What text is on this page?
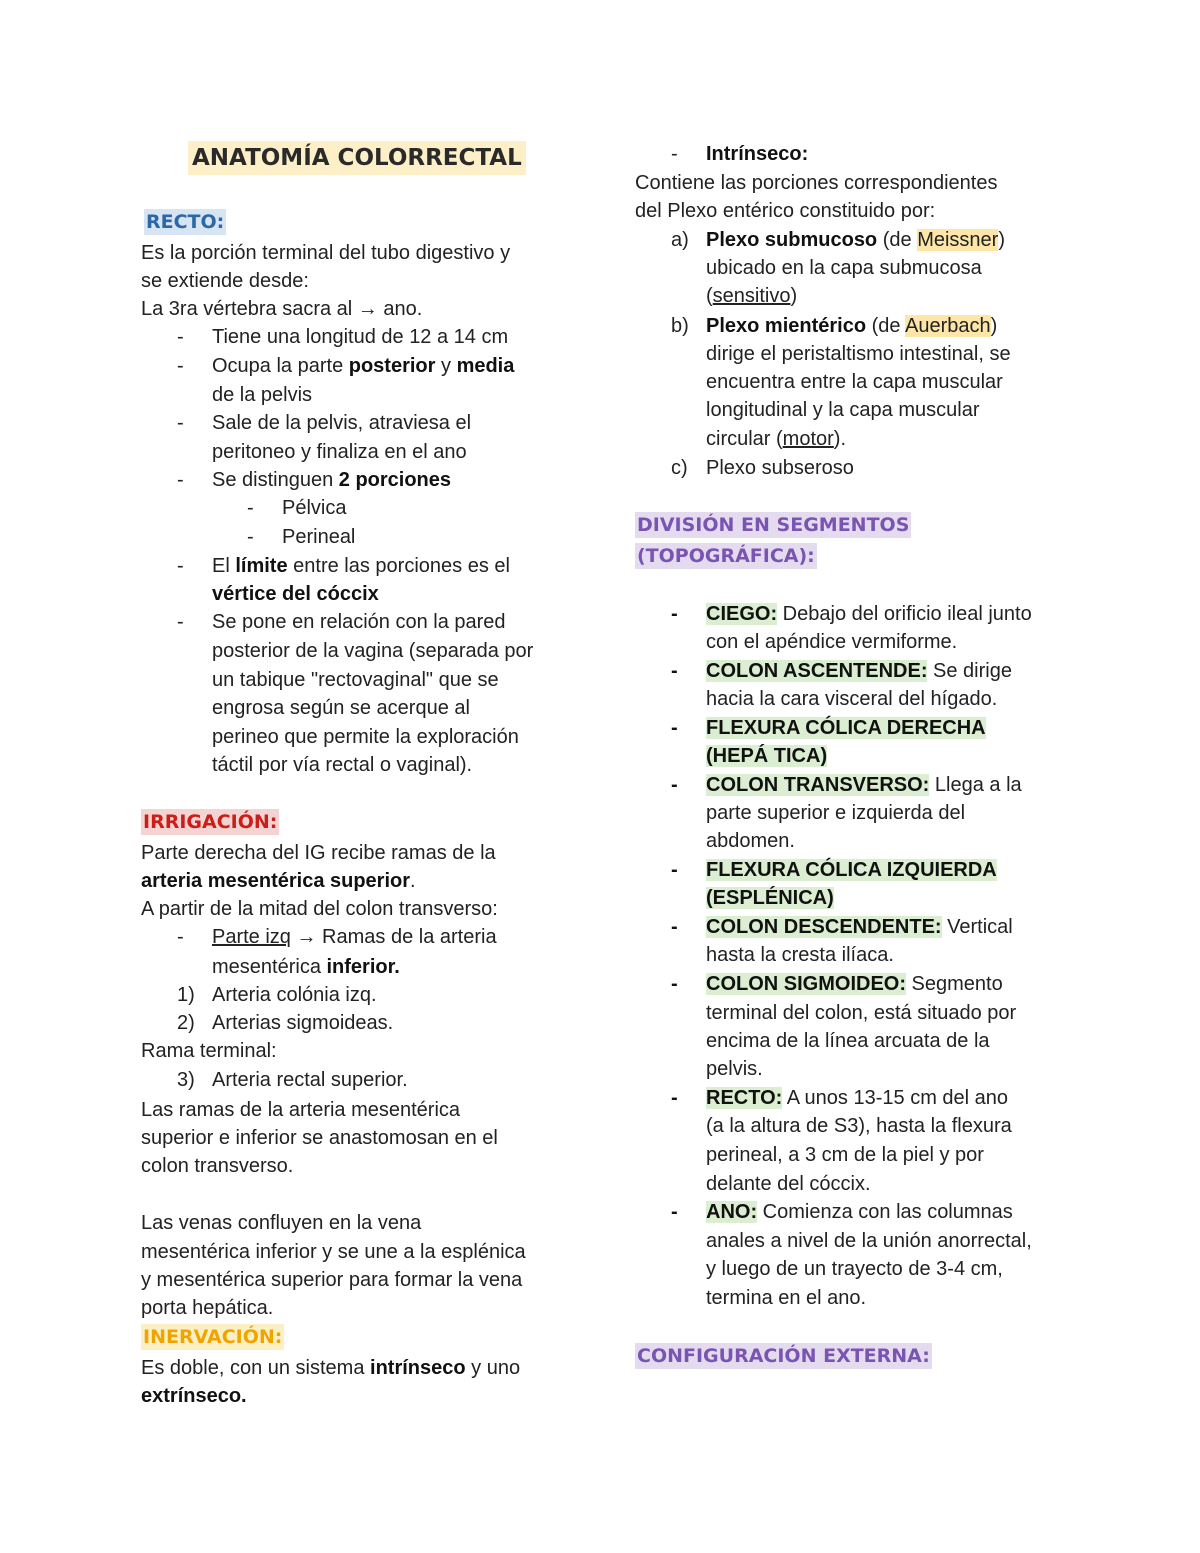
ANATOMÍA COLORRECTAL
RECTO:
Es la porción terminal del tubo digestivo y
se extiende desde:
La 3ra vértebra sacra al → ano.
- Tiene una longitud de 12 a 14 cm
- Ocupa la parte posterior y media
de la pelvis
- Sale de la pelvis, atraviesa el
peritoneo y finaliza en el ano
- Se distinguen 2 porciones
- Pélvica
- Perineal
- El límite entre las porciones es el
vértice del cóccix
- Se pone en relación con la pared
posterior de la vagina (separada por
un tabique "rectovaginal" que se
engrosa según se acerque al
perineo que permite la exploración
táctil por vía rectal o vaginal).
IRRIGACIÓN:
Parte derecha del IG recibe ramas de la
arteria mesentérica superior.
A partir de la mitad del colon transverso:
- Parte izq → Ramas de la arteria
mesentérica inferior.
1) Arteria colónia izq.
2) Arterias sigmoideas.
Rama terminal:
3) Arteria rectal superior.
Las ramas de la arteria mesentérica
superior e inferior se anastomosan en el
colon transverso.
Las venas confluyen en la vena
mesentérica inferior y se une a la esplénica
y mesentérica superior para formar la vena
porta hepática.
INERVACIÓN:
Es doble, con un sistema intrínseco y uno
extrínseco.
- Intrínseco:
Contiene las porciones correspondientes
del Plexo entérico constituido por:
a) Plexo submucoso (de Meissner)
ubicado en la capa submucosa
(sensitivo)
b) Plexo mientérico (de Auerbach)
dirige el peristaltismo intestinal, se
encuentra entre la capa muscular
longitudinal y la capa muscular
circular (motor).
c) Plexo subseroso
DIVISIÓN EN SEGMENTOS
(TOPOGRÁFICA):
- CIEGO: Debajo del orificio ileal junto
con el apéndice vermiforme.
- COLON ASCENTENDE: Se dirige
hacia la cara visceral del hígado.
- FLEXURA CÓLICA DERECHA
(HEPÁ TICA)
- COLON TRANSVERSO: Llega a la
parte superior e izquierda del
abdomen.
- FLEXURA CÓLICA IZQUIERDA
(ESPLÉNICA)
- COLON DESCENDENTE: Vertical
hasta la cresta ilíaca.
- COLON SIGMOIDEO: Segmento
terminal del colon, está situado por
encima de la línea arcuata de la
pelvis.
- RECTO: A unos 13-15 cm del ano
(a la altura de S3), hasta la flexura
perineal, a 3 cm de la piel y por
delante del cóccix.
- ANO: Comienza con las columnas
anales a nivel de la unión anorrectal,
y luego de un trayecto de 3-4 cm,
termina en el ano.
CONFIGURACIÓN EXTERNA:
